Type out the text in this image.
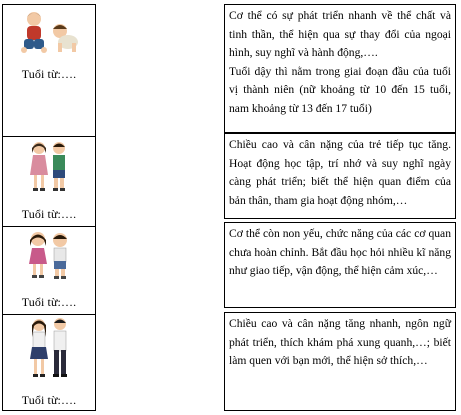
Tuổi từ:….
Tuổi từ:….
Tuổi từ:….
Tuổi từ:….

Cơ thể có sự phát triển nhanh về thể chất và tinh thần, thể hiện qua sự thay đổi của ngoại hình, suy nghĩ và hành động,….

Tuổi dậy thì nằm trong giai đoạn đầu của tuổi vị thành niên (nữ khoảng từ 10 đến 15 tuổi, nam khoảng từ 13 đến 17 tuổi)

Chiều cao và cân nặng của trẻ tiếp tục tăng. Hoạt động học tập, trí nhớ và suy nghĩ ngày càng phát triển; biết thể hiện quan điểm của bản thân, tham gia hoạt động nhóm,…

Cơ thể còn non yếu, chức năng của các cơ quan chưa hoàn chỉnh. Bắt đầu học hỏi nhiều kĩ năng như giao tiếp, vận động, thể hiện cảm xúc,…

Chiều cao và cân nặng tăng nhanh, ngôn ngữ phát triển, thích khám phá xung quanh,…; biết làm quen với bạn mới, thể hiện sở thích,…
